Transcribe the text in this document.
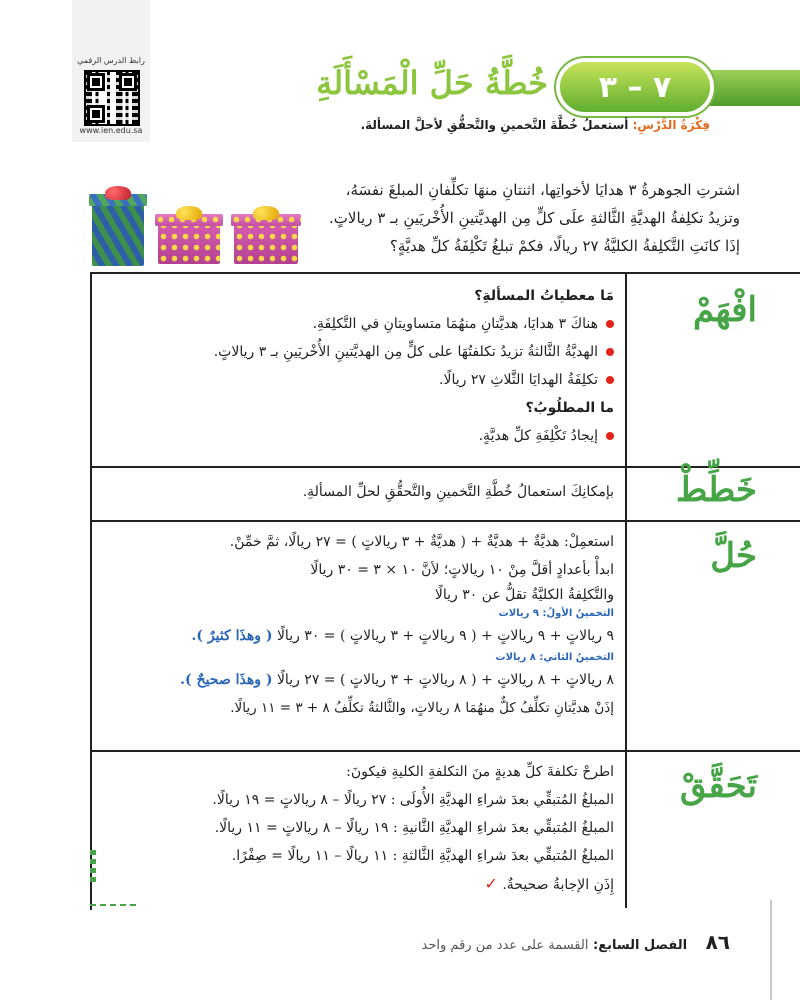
رابط الدرس الرقمي
www.ien.edu.sa
٧ – ٣
خُطَّةُ حَلِّ الْمَسْأَلَةِ
فِكْرَةُ الدَّرْسِ: أستعملُ خُطَّةَ التَّخمينِ والتَّحقُّقِ لأحلَّ المسألةَ.

اشترتِ الجوهرةُ ٣ هدايَا لأخواتِها، اثنتانِ منهَا تكلِّفانِ المبلغَ نفسَهُ،

وتزيدُ تكلِفةُ الهديَّةِ الثَّالثةِ علَى كلٍّ مِن الهديَّتينِ الأُخْريَينِ بـ ٣ ريالاتٍ.

إذَا كانَتِ التَّكلِفةُ الكليَّةُ ٢٧ ريالًا، فكمْ تبلغُ تَكْلِفَةُ كلِّ هديَّةٍ؟

افْهَمْ
مَا معطياتُ المسألةِ؟
هناكَ ٣ هدايَا، هديَّتانِ منهُمَا متساويتانِ في التَّكلِفَةِ.
الهديَّةُ الثَّالثةُ تزيدُ تكلفتُهَا على كلٍّ مِن الهديَّتينِ الأُخْريَينِ بـ ٣ ريالاتٍ.
تكلِفَةُ الهدايَا الثَّلاثِ ٢٧ ريالًا.
ما المطلُوبُ؟
إيجادُ تَكْلِفَةِ كلِّ هديَّةٍ.
خَطِّطْ
بإمكانِكَ استعمالُ خُطَّةِ التَّخمينِ والتَّحقُّقِ لحلِّ المسألةِ.
حُلَّ
استعمِلْ: هديَّةٌ + هديَّةٌ + ( هديَّةٌ + ٣ ريالاتٍ ) = ٢٧ ريالًا، ثمَّ خمِّنْ.
ابدأْ بأعدادٍ أقلَّ مِنْ ١٠ ريالاتٍ؛ لأنَّ ١٠ × ٣ = ٣٠ ريالًا
والتَّكلِفةُ الكليَّةُ تقلُّ عن ٣٠ ريالًا
التخمينُ الأولُ: ٩ ريالات
٩ ريالاتٍ + ٩ ريالاتٍ + ( ٩ ريالاتٍ + ٣ ريالاتٍ ) = ٣٠ ريالًا ( وهذَا كثيرٌ ).
التخمينُ الثاني: ٨ ريالات
٨ ريالاتٍ + ٨ ريالاتٍ + ( ٨ ريالاتٍ + ٣ ريالاتٍ ) = ٢٧ ريالًا ( وهذَا صحيحٌ ).
إذَنْ هديَّتانِ تكلِّفُ كلٌّ منهُمَا ٨ ريالاتٍ، والثَّالثةُ تكلِّفُ ٨ + ٣ = ١١ ريالًا.
تَحَقَّقْ
اطرحْ تكلفةَ كلِّ هديةٍ منَ التكلفةِ الكليةِ فيكونَ:
المبلغُ المُتبقِّي بعدَ شراءِ الهديَّةِ الأُولَى : ٢٧ ريالًا – ٨ ريالاتٍ = ١٩ ريالًا.
المبلغُ المُتبقِّي بعدَ شراءِ الهديَّةِ الثَّانيةِ : ١٩ ريالًا – ٨ ريالاتٍ = ١١ ريالًا.
المبلغُ المُتبقِّي بعدَ شراءِ الهديَّةِ الثَّالثةِ : ١١ ريالًا – ١١ ريالًا = صِفْرًا.
إِذَنِ الإجابةُ صحيحةٌ. ✓
٨٦ الفصل السابع: القسمة على عدد من رقم واحد
